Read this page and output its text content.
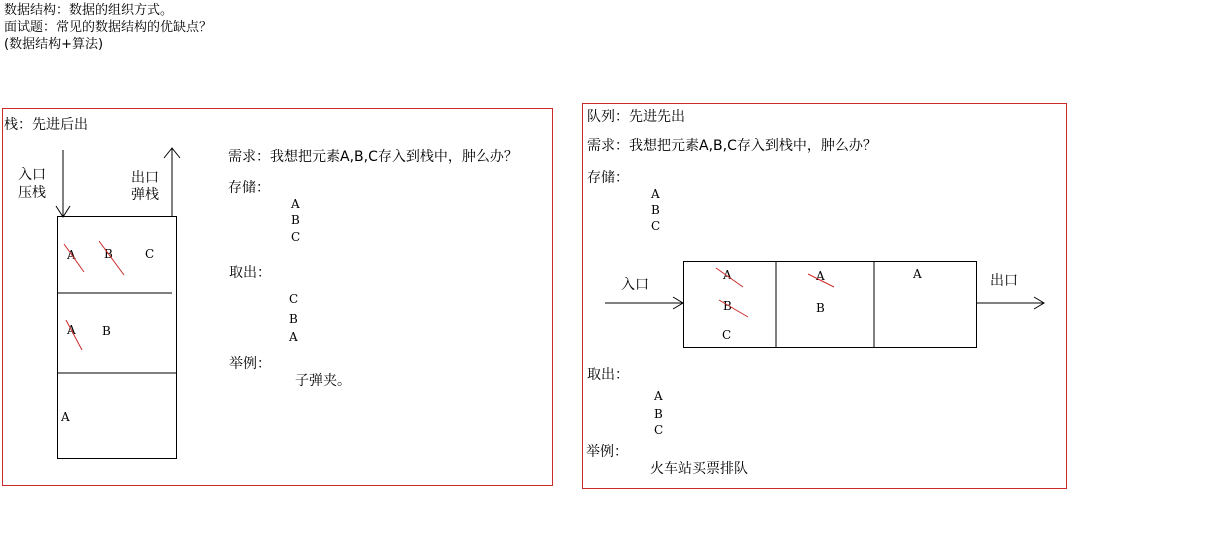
数据结构：数据的组织方式。
面试题：常见的数据结构的优缺点？
(数据结构+算法)
栈：先进后出
入口
压栈
出口
弹栈
A B	C
A B
A
需求：我想把元素A,B,C存入到栈中，肿么办？
存储：
A
B
C
取出：
C
B
A
举例：
子弹夹。
队列：先进先出
需求：我想把元素A,B,C存入到栈中，肿么办？
存储：
A
B
C
入口	出口
A
B
C
A
B
A
取出：
A
B
C
举例：
火车站买票排队
